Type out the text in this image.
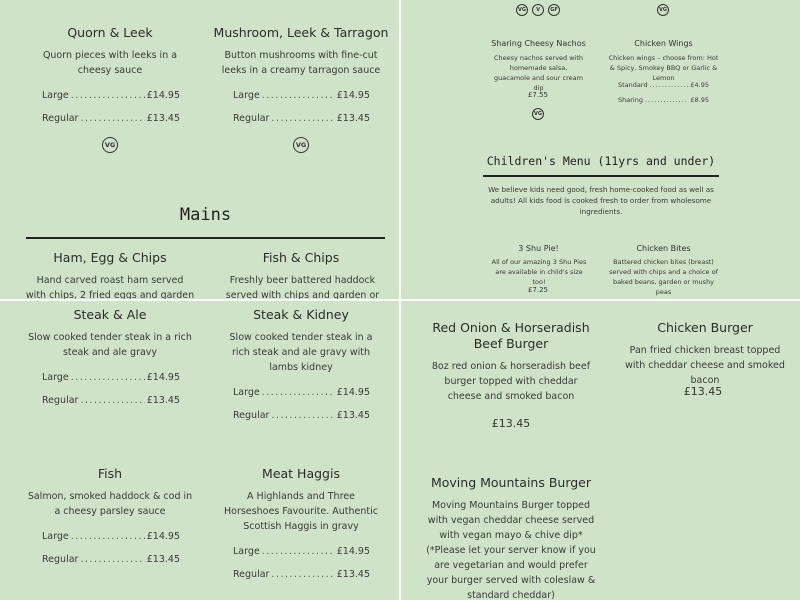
Quorn & Leek
Quorn pieces with leeks in a cheesy sauce
Large .....	£14.95
Regular .....	£13.45
VG
Mushroom, Leek & Tarragon
Button mushrooms with fine-cut leeks in a creamy tarragon sauce
Large .....	£14.95
Regular .....	£13.45
VG
Mains
Ham, Egg & Chips
Hand carved roast ham served with chips, 2 fried eggs and garden
Fish & Chips
Freshly beer battered haddock served with chips and garden or
VG	V	GF	VG
Sharing Cheesy Nachos
Cheesy nachos served with homemade salsa, guacamole and sour cream dip
£7.55
VG
Chicken Wings
Chicken wings – choose from: Hot & Spicy, Smokey BBQ or Garlic & Lemon
Standard .....	£4.95
Sharing .....	£8.95
Children's Menu (11yrs and under)
We believe kids need good, fresh home-cooked food as well as adults! All kids food is cooked fresh to order from wholesome ingredients.
3 Shu Pie!
All of our amazing 3 Shu Pies are available in child's size too!
£7.25
Chicken Bites
Battered chicken bites (breast) served with chips and a choice of baked beans, garden or mushy peas
Steak & Ale
Slow cooked tender steak in a rich steak and ale gravy
Large .....	£14.95
Regular .....	£13.45
Steak & Kidney
Slow cooked tender steak in a rich steak and ale gravy with lambs kidney
Large .....	£14.95
Regular .....	£13.45
Fish
Salmon, smoked haddock & cod in a cheesy parsley sauce
Large .....	£14.95
Regular .....	£13.45
Meat Haggis
A Highlands and Three Horseshoes Favourite. Authentic Scottish Haggis in gravy
Large .....	£14.95
Regular .....	£13.45
Red Onion & Horseradish Beef Burger
8oz red onion & horseradish beef burger topped with cheddar cheese and smoked bacon
£13.45
Chicken Burger
Pan fried chicken breast topped with cheddar cheese and smoked bacon
£13.45
Moving Mountains Burger
Moving Mountains Burger topped with vegan cheddar cheese served with vegan mayo & chive dip* (*Please let your server know if you are vegetarian and would prefer your burger served with coleslaw & standard cheddar)
